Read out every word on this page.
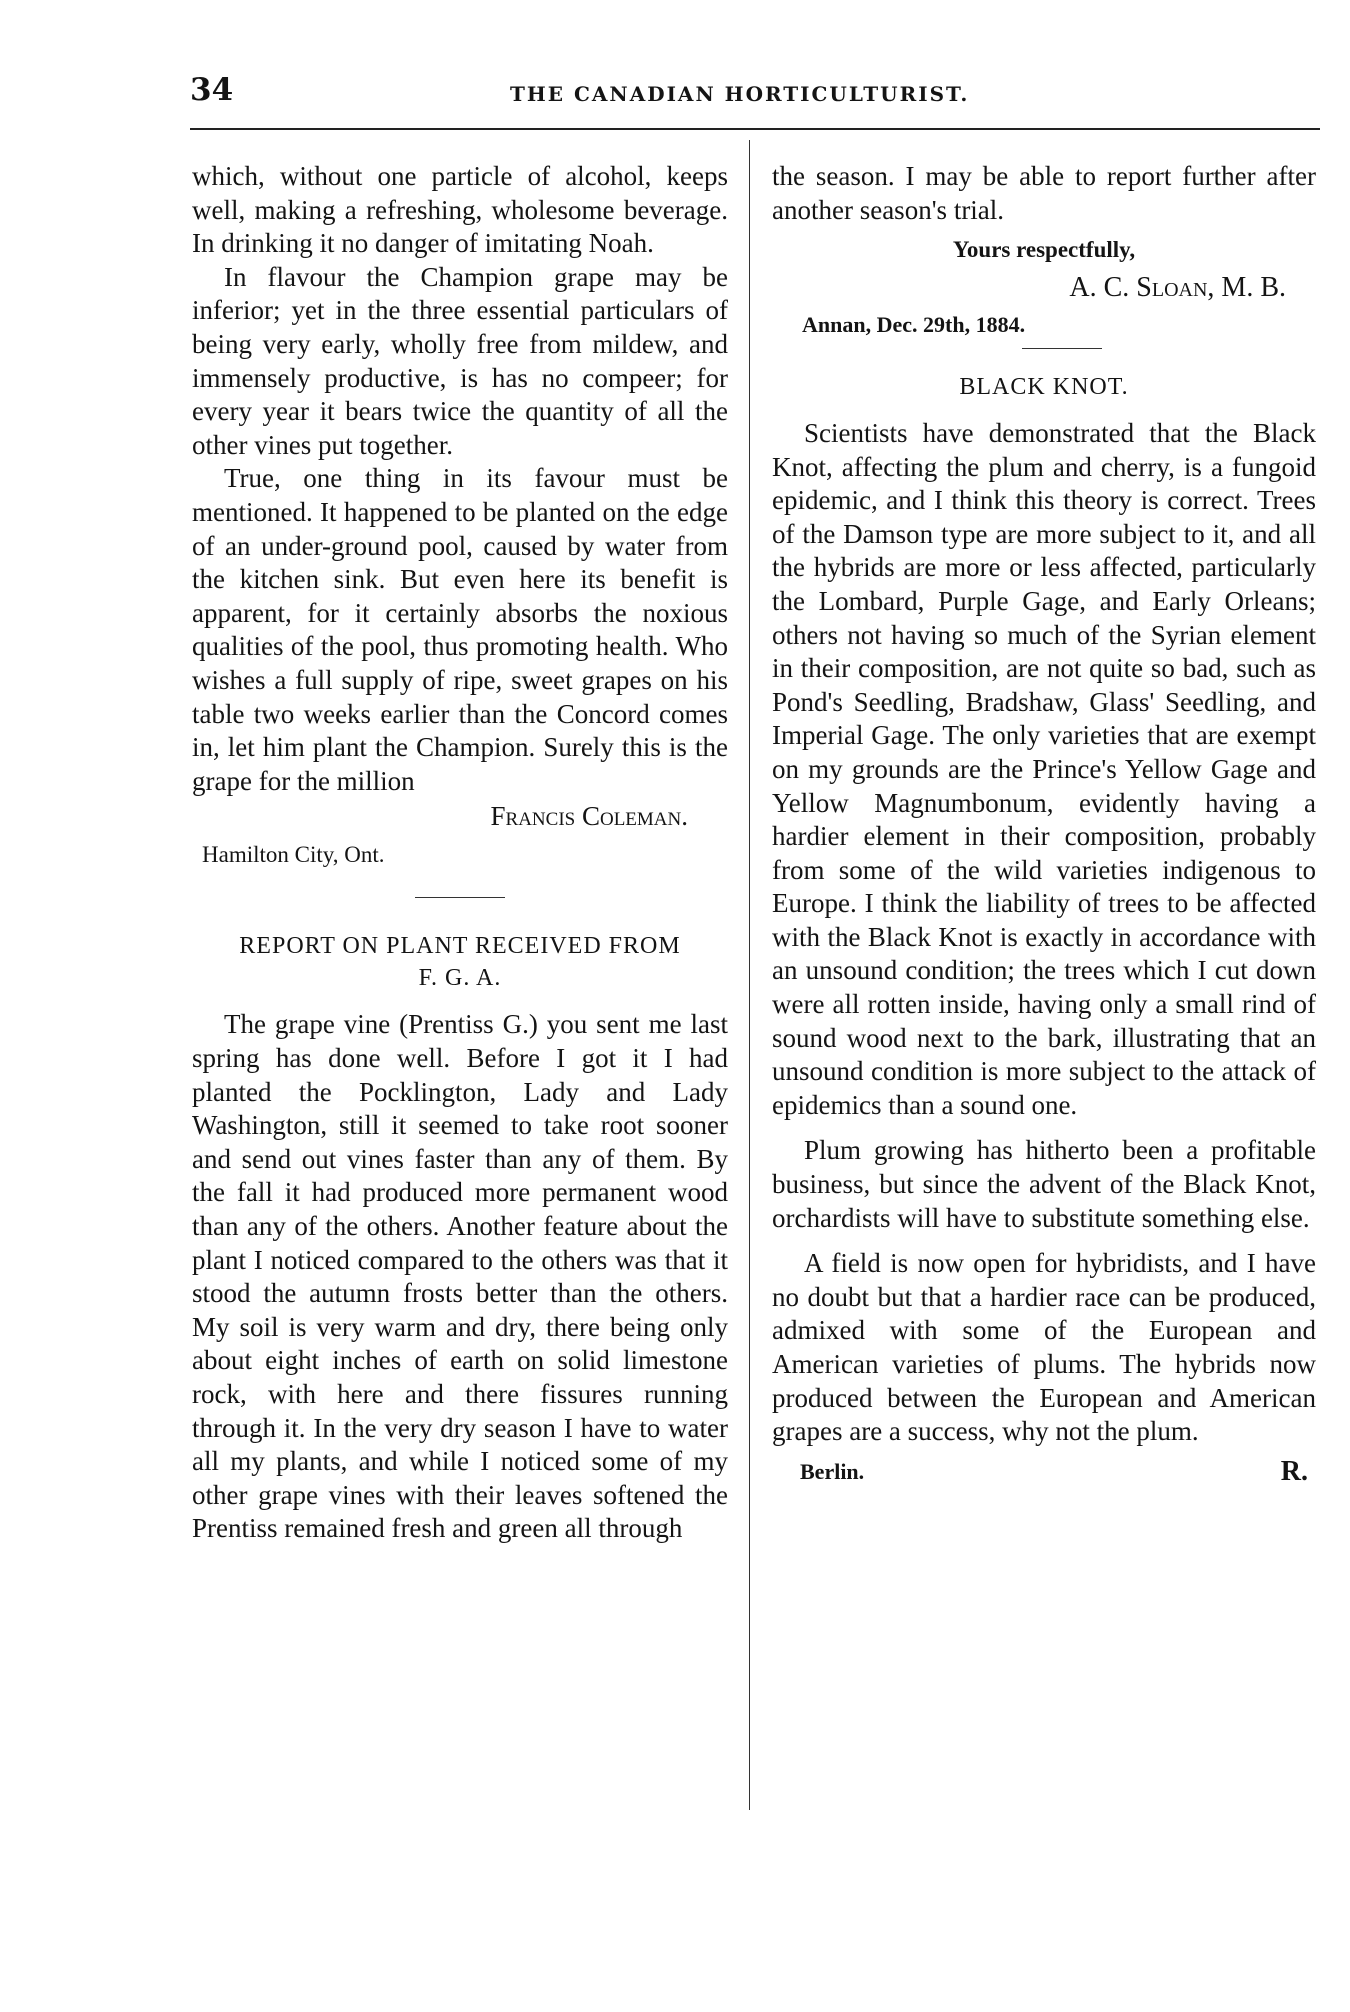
34	THE CANADIAN HORTICULTURIST.

which, without one particle of alcohol, keeps well, making a refreshing, wholesome beverage. In drinking it no danger of imitating Noah.

In flavour the Champion grape may be inferior; yet in the three essential particulars of being very early, wholly free from mildew, and immensely productive, is has no compeer; for every year it bears twice the quantity of all the other vines put together.

True, one thing in its favour must be mentioned. It happened to be planted on the edge of an under-ground pool, caused by water from the kitchen sink. But even here its benefit is apparent, for it certainly absorbs the noxious qualities of the pool, thus promoting health. Who wishes a full supply of ripe, sweet grapes on his table two weeks earlier than the Concord comes in, let him plant the Champion. Surely this is the grape for the million

Francis Coleman.
Hamilton City, Ont.
REPORT ON PLANT RECEIVED FROM
F. G. A.

The grape vine (Prentiss G.) you sent me last spring has done well. Before I got it I had planted the Pocklington, Lady and Lady Washington, still it seemed to take root sooner and send out vines faster than any of them. By the fall it had produced more permanent wood than any of the others. Another feature about the plant I noticed compared to the others was that it stood the autumn frosts better than the others. My soil is very warm and dry, there being only about eight inches of earth on solid limestone rock, with here and there fissures running through it. In the very dry season I have to water all my plants, and while I noticed some of my other grape vines with their leaves softened the Prentiss remained fresh and green all through

the season. I may be able to report further after another season's trial.

Yours respectfully,
A. C. Sloan, M. B.
Annan, Dec. 29th, 1884.
BLACK KNOT.

Scientists have demonstrated that the Black Knot, affecting the plum and cherry, is a fungoid epidemic, and I think this theory is correct. Trees of the Damson type are more subject to it, and all the hybrids are more or less affected, particularly the Lombard, Purple Gage, and Early Orleans; others not having so much of the Syrian element in their composition, are not quite so bad, such as Pond's Seedling, Bradshaw, Glass' Seedling, and Imperial Gage. The only varieties that are exempt on my grounds are the Prince's Yellow Gage and Yellow Magnumbonum, evidently having a hardier element in their composition, probably from some of the wild varieties indigenous to Europe. I think the liability of trees to be affected with the Black Knot is exactly in accordance with an unsound condition; the trees which I cut down were all rotten inside, having only a small rind of sound wood next to the bark, illustrating that an unsound condition is more subject to the attack of epidemics than a sound one.

Plum growing has hitherto been a profitable business, but since the advent of the Black Knot, orchardists will have to substitute something else.

A field is now open for hybridists, and I have no doubt but that a hardier race can be produced, admixed with some of the European and American varieties of plums. The hybrids now produced between the European and American grapes are a success, why not the plum.

Berlin.	R.
